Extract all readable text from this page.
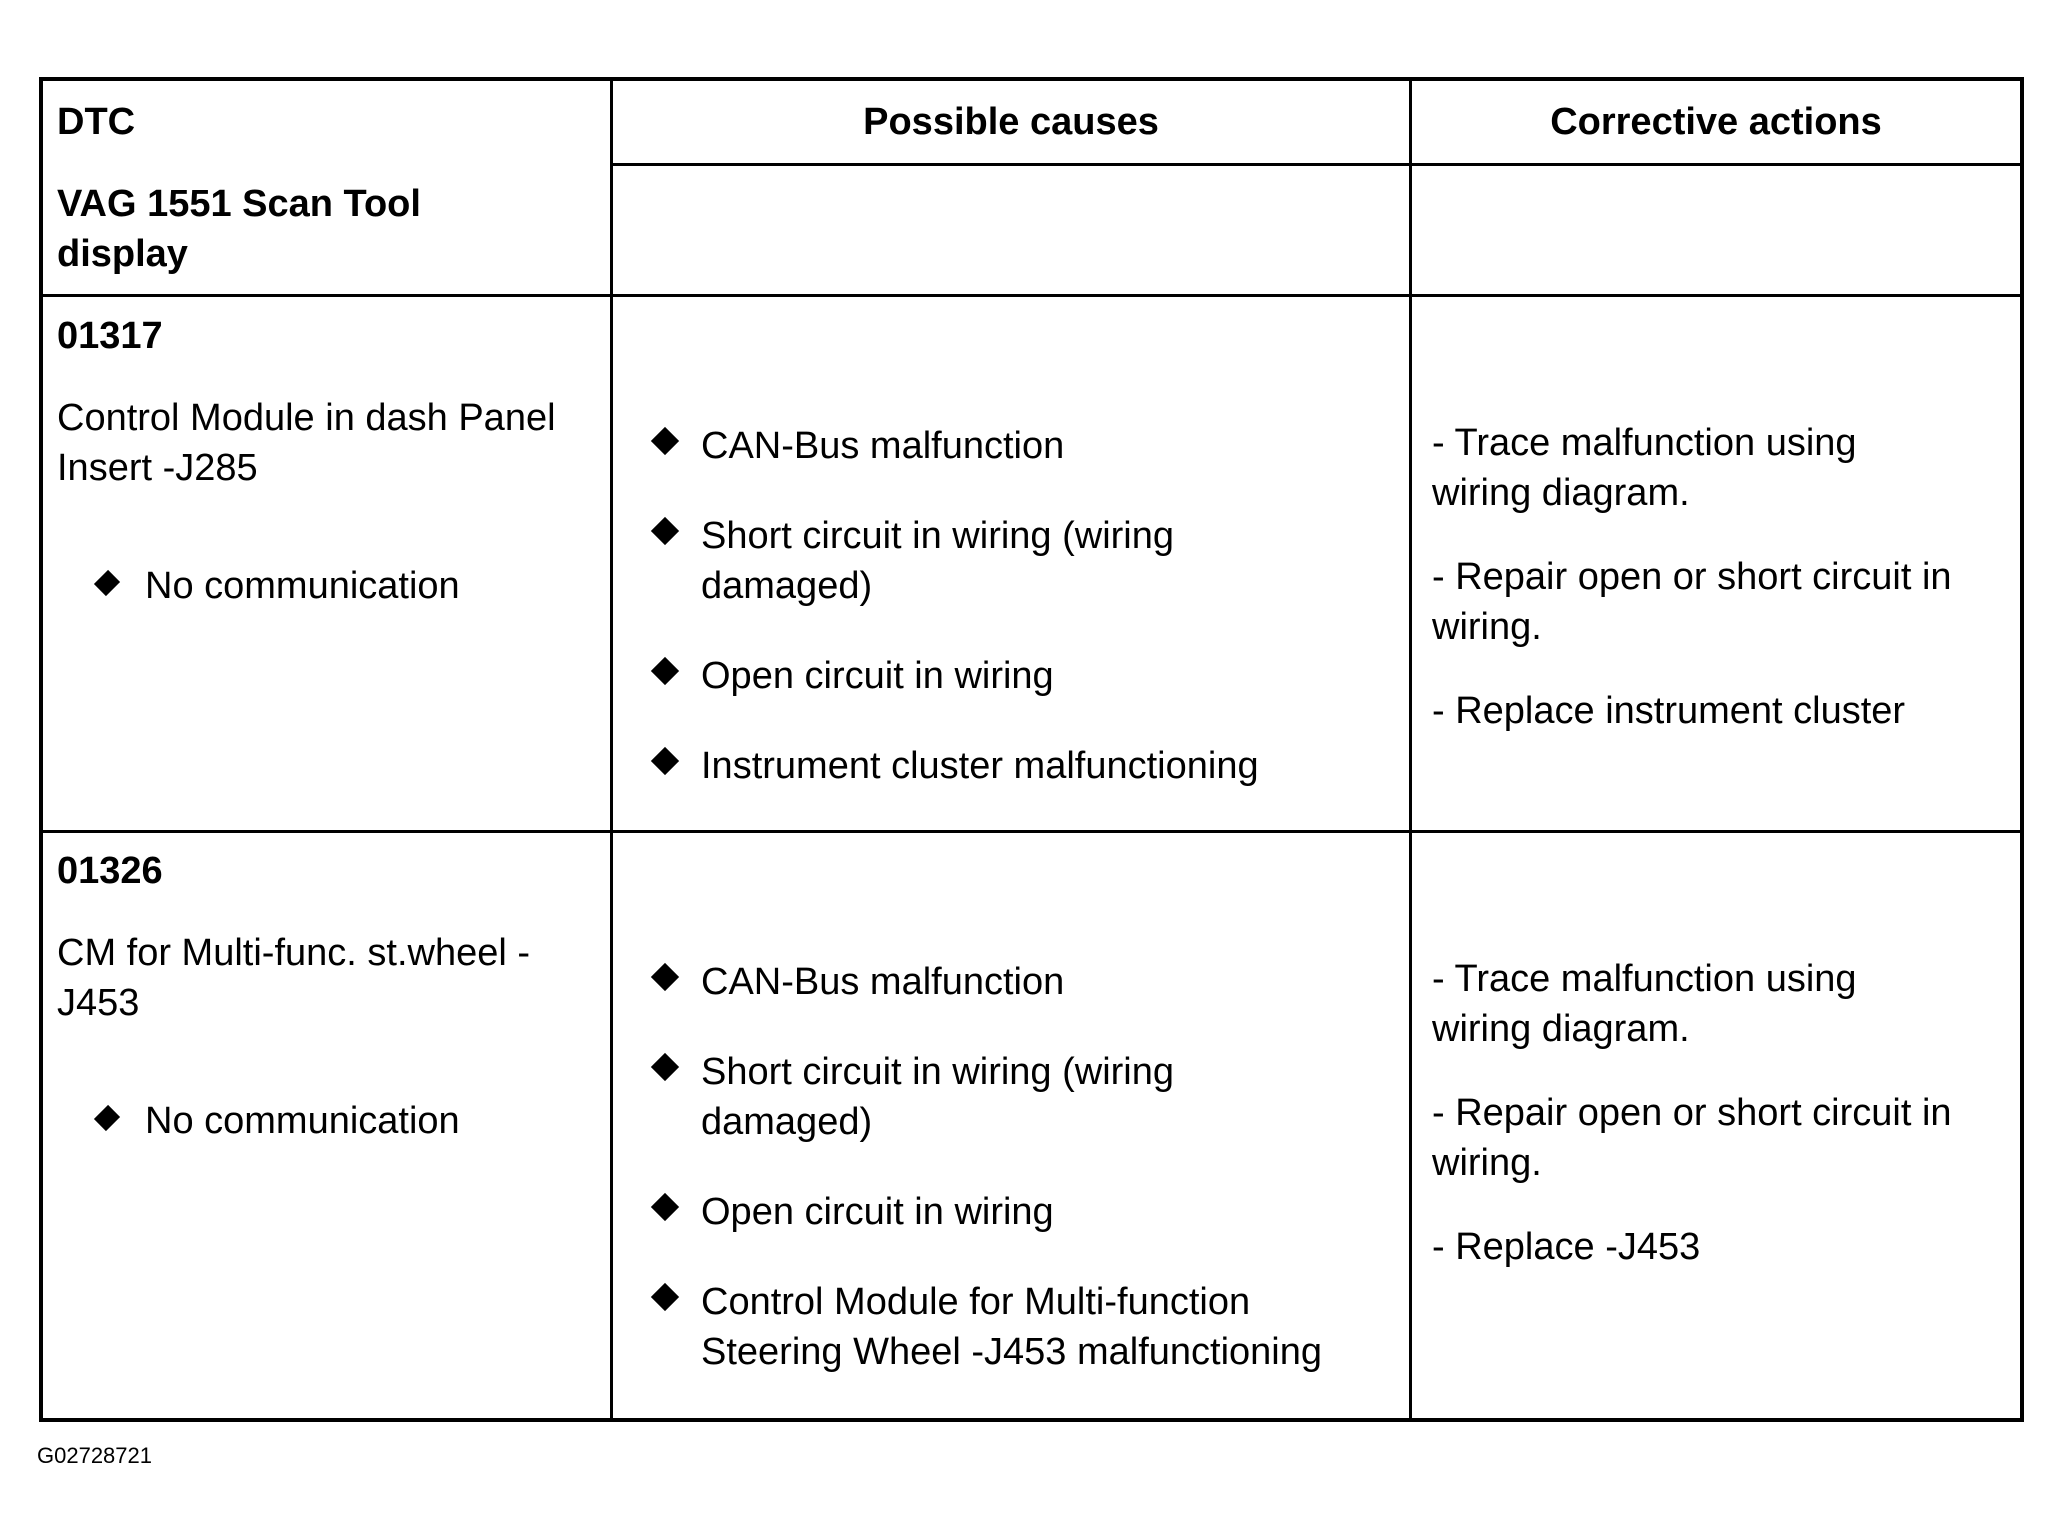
DTC
VAG 1551 Scan Tool display
Possible causes	Corrective actions
01317
Control Module in dash Panel Insert -J285
No communication
CAN-Bus malfunction
Short circuit in wiring (wiring damaged)
Open circuit in wiring
Instrument cluster malfunctioning
- Trace malfunction using wiring diagram.
- Repair open or short circuit in wiring.
- Replace instrument cluster
01326
CM for Multi-func. st.wheel -J453
No communication
CAN-Bus malfunction
Short circuit in wiring (wiring damaged)
Open circuit in wiring
Control Module for Multi-function Steering Wheel -J453 malfunctioning
- Trace malfunction using wiring diagram.
- Repair open or short circuit in wiring.
- Replace -J453
G02728721
